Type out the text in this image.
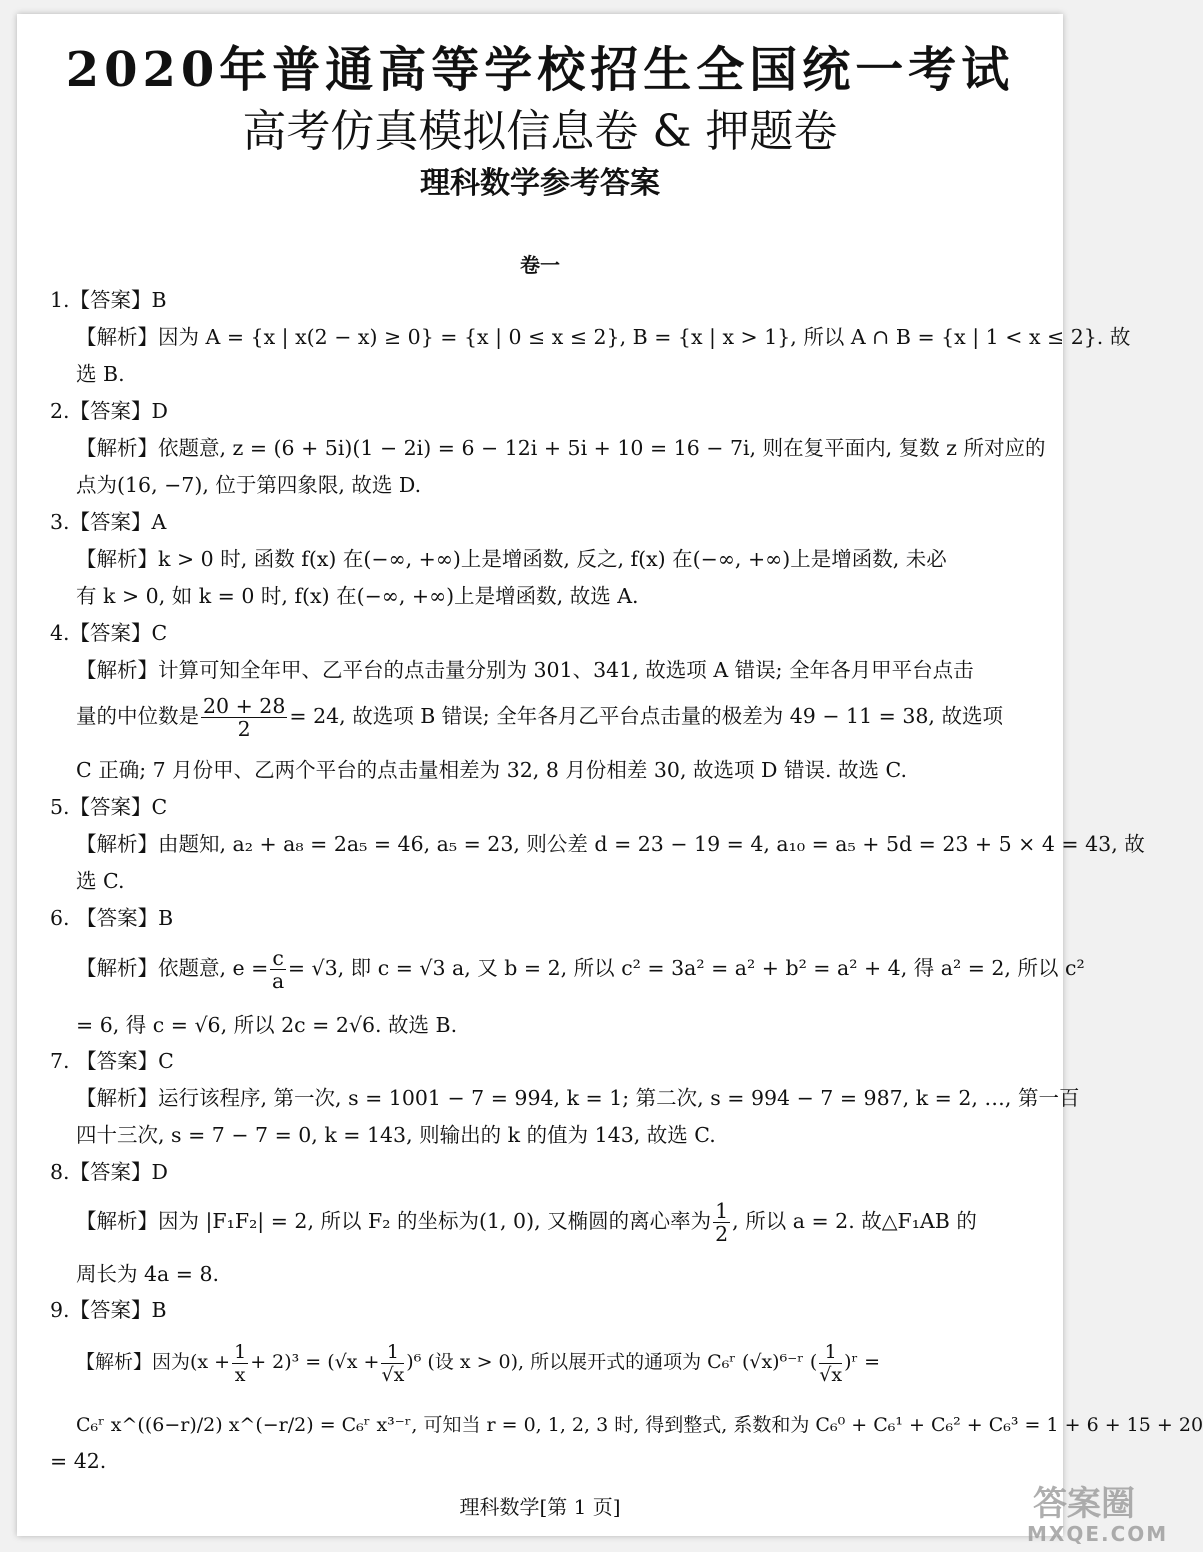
2020年普通高等学校招生全国统一考试
高考仿真模拟信息卷 & 押题卷
理科数学参考答案
卷一
1.【答案】B
【解析】因为 A = {x | x(2 − x) ≥ 0} = {x | 0 ≤ x ≤ 2}, B = {x | x > 1}, 所以 A ∩ B = {x | 1 < x ≤ 2}. 故
选 B.
2.【答案】D
【解析】依题意, z = (6 + 5i)(1 − 2i) = 6 − 12i + 5i + 10 = 16 − 7i, 则在复平面内, 复数 z 所对应的
点为(16, −7), 位于第四象限, 故选 D.
3.【答案】A
【解析】k > 0 时, 函数 f(x) 在(−∞, +∞)上是增函数, 反之, f(x) 在(−∞, +∞)上是增函数, 未必
有 k > 0, 如 k = 0 时, f(x) 在(−∞, +∞)上是增函数, 故选 A.
4.【答案】C
【解析】计算可知全年甲、乙平台的点击量分别为 301、341, 故选项 A 错误; 全年各月甲平台点击
量的中位数是 $\frac{20 + 28}{2} = 24$, 故选项 B 错误; 全年各月乙平台点击量的极差为 49 − 11 = 38, 故选项
C 正确; 7 月份甲、乙两个平台的点击量相差为 32, 8 月份相差 30, 故选项 D 错误. 故选 C.
5.【答案】C
【解析】由题知, a₂ + a₈ = 2a₅ = 46, a₅ = 23, 则公差 d = 23 − 19 = 4, a₁₀ = a₅ + 5d = 23 + 5 × 4 = 43, 故
选 C.
6. 【答案】B
【解析】依题意, $e = \frac{c}{a} = √3$, 即 c = √3 a, 又 b = 2, 所以 c² = 3a² = a² + b² = a² + 4, 得 a² = 2, 所以 c²
= 6, 得 c = √6, 所以 2c = 2√6. 故选 B.
7. 【答案】C
【解析】运行该程序, 第一次, s = 1001 − 7 = 994, k = 1; 第二次, s = 994 − 7 = 987, k = 2, …, 第一百
四十三次, s = 7 − 7 = 0, k = 143, 则输出的 k 的值为 143, 故选 C.
8.【答案】D
【解析】因为 |F₁F₂| = 2, 所以 F₂ 的坐标为(1, 0), 又椭圆的离心率为 $\frac{1}{2}$ , 所以 a = 2. 故△F₁AB 的
周长为 4a = 8.
9.【答案】B
【解析】因为$(x + \frac{1}{x} + 2)^3 = (√x + \frac{1}{√x} )^6$ (设 x > 0), 所以展开式的通项为 C₆ʳ (√x)⁶⁻ʳ ( $\frac{1}{√x}$ )ʳ =
C₆ʳ x^((6−r)/2) x^(−r/2) = C₆ʳ x³⁻ʳ, 可知当 r = 0, 1, 2, 3 时, 得到整式, 系数和为 C₆⁰ + C₆¹ + C₆² + C₆³ = 1 + 6 + 15 + 20
= 42.
理科数学[第 1 页]	答案圈
MXQE.COM
